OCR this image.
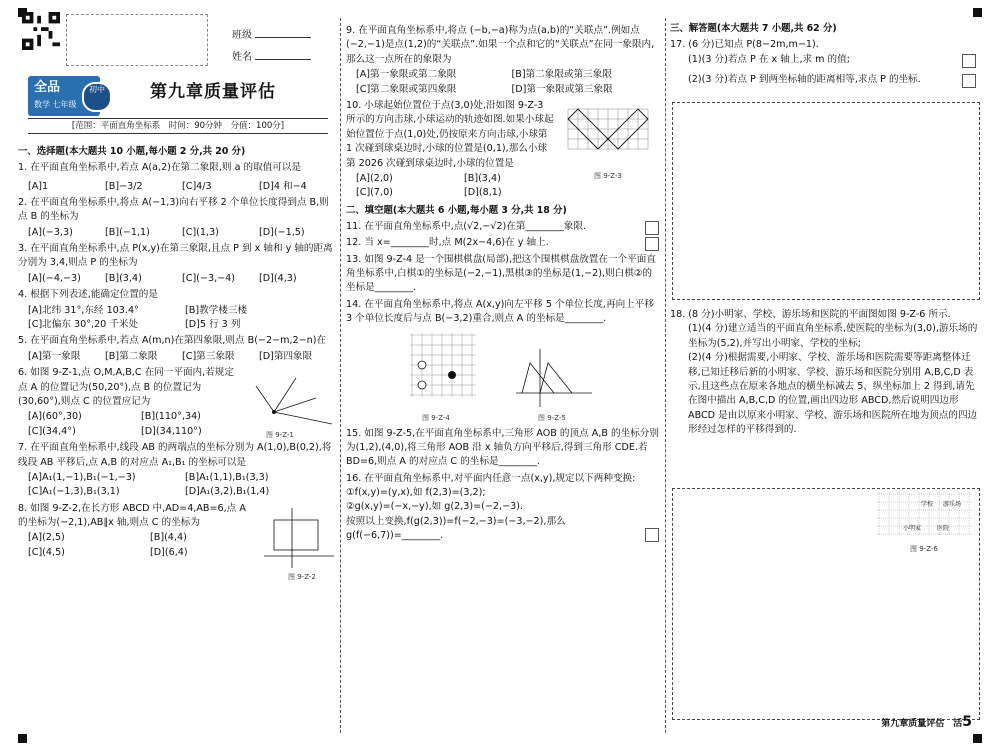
班级
姓名
全品
数学 七年级
初中	第九章质量评估
[范围：平面直角坐标系　时间：90分钟　分值：100分]
一、选择题(本大题共 10 小题,每小题 2 分,共 20 分)

1. 在平面直角坐标系中,若点 A(a,2)在第二象限,则 a 的取值可以是

[A]1	[B]−3/2	[C]4/3	[D]4 和−4

2. 在平面直角坐标系中,将点 A(−1,3)向右平移 2 个单位长度得到点 B,则点 B 的坐标为

[A](−3,3)	[B](−1,1)	[C](1,3)	[D](−1,5)

3. 在平面直角坐标系中,点 P(x,y)在第三象限,且点 P 到 x 轴和 y 轴的距离分别为 3,4,则点 P 的坐标为

[A](−4,−3)	[B](3,4)	[C](−3,−4)	[D](4,3)

4. 根据下列表述,能确定位置的是

[A]北纬 31°,东经 103.4°	[B]教学楼三楼
[C]北偏东 30°,20 千米处	[D]5 行 3 列

5. 在平面直角坐标系中,若点 A(m,n)在第四象限,则点 B(−2−m,2−n)在

[A]第一象限	[B]第二象限	[C]第三象限	[D]第四象限

6. 如图 9-Z-1,点 O,M,A,B,C 在同一平面内,若规定点 A 的位置记为(50,20°),点 B 的位置记为(30,60°),则点 C 的位置应记为

图 9-Z-1
[A](60°,30)	[B](110°,34)
[C](34,4°)	[D](34,110°)

7. 在平面直角坐标系中,线段 AB 的两端点的坐标分别为 A(1,0),B(0,2),将线段 AB 平移后,点 A,B 的对应点 A₁,B₁ 的坐标可以是

[A]A₁(1,−1),B₁(−1,−3)	[B]A₁(1,1),B₁(3,3)
[C]A₁(−1,3),B₁(3,1)	[D]A₁(3,2),B₁(1,4)

8. 如图 9-Z-2,在长方形 ABCD 中,AD=4,AB=6,点 A 的坐标为(−2,1),AB∥x 轴,则点 C 的坐标为

图 9-Z-2
[A](2,5)	[B](4,4)
[C](4,5)	[D](6,4)

9. 在平面直角坐标系中,将点 (−b,−a)称为点(a,b)的“关联点”.例如点(−2,−1)是点(1,2)的“关联点”.如果一个点和它的“关联点”在同一象限内,那么这一点所在的象限为

[A]第一象限或第二象限	[B]第二象限或第三象限
[C]第二象限或第四象限	[D]第一象限或第三象限

10. 小球起始位置位于点(3,0)处,沿如图 9-Z-3 所示的方向击球,小球运动的轨迹如图.如果小球起始位置位于点(1,0)处,仍按原来方向击球,小球第 1 次碰到球桌边时,小球的位置是(0,1),那么小球第 2026 次碰到球桌边时,小球的位置是

图 9-Z-3
[A](2,0)	[B](3,4)
[C](7,0)	[D](8,1)
二、填空题(本大题共 6 小题,每小题 3 分,共 18 分)

11. 在平面直角坐标系中,点(√2,−√2)在第________象限.

12. 当 x=________时,点 M(2x−4,6)在 y 轴上.

13. 如图 9-Z-4 是一个围棋棋盘(局部),把这个围棋棋盘放置在一个平面直角坐标系中,白棋①的坐标是(−2,−1),黑棋③的坐标是(1,−2),则白棋②的坐标是________.

14. 在平面直角坐标系中,将点 A(x,y)向左平移 5 个单位长度,再向上平移 3 个单位长度后与点 B(−3,2)重合,则点 A 的坐标是________.

图 9-Z-4	图 9-Z-5

15. 如图 9-Z-5,在平面直角坐标系中,三角形 AOB 的顶点 A,B 的坐标分别为(1,2),(4,0),将三角形 AOB 沿 x 轴负方向平移后,得到三角形 CDE.若 BD=6,则点 A 的对应点 C 的坐标是________.

16. 在平面直角坐标系中,对平面内任意一点(x,y),规定以下两种变换:

①f(x,y)=(y,x),如 f(2,3)=(3,2);

②g(x,y)=(−x,−y),如 g(2,3)=(−2,−3).

按照以上变换,f(g(2,3))=f(−2,−3)=(−3,−2),那么 g(f(−6,7))=________.

三、解答题(本大题共 7 小题,共 62 分)

17. (6 分)已知点 P(8−2m,m−1).

(1)(3 分)若点 P 在 x 轴上,求 m 的值;

(2)(3 分)若点 P 到两坐标轴的距离相等,求点 P 的坐标.

18. (8 分)小明家、学校、游乐场和医院的平面图如图 9-Z-6 所示.

(1)(4 分)建立适当的平面直角坐标系,使医院的坐标为(3,0),游乐场的坐标为(5,2),并写出小明家、学校的坐标;

(2)(4 分)根据需要,小明家、学校、游乐场和医院需要等距离整体迁移,已知迁移后新的小明家、学校、游乐场和医院分别用 A,B,C,D 表示,且这些点在原来各地点的横坐标减去 5、纵坐标加上 2 得到,请先在图中描出 A,B,C,D 的位置,画出四边形 ABCD,然后说明四边形 ABCD 是由以原来小明家、学校、游乐场和医院所在地为顶点的四边形经过怎样的平移得到的.

学校 游乐场
小明家	医院
图 9-Z-6
第九章质量评估　 活5
